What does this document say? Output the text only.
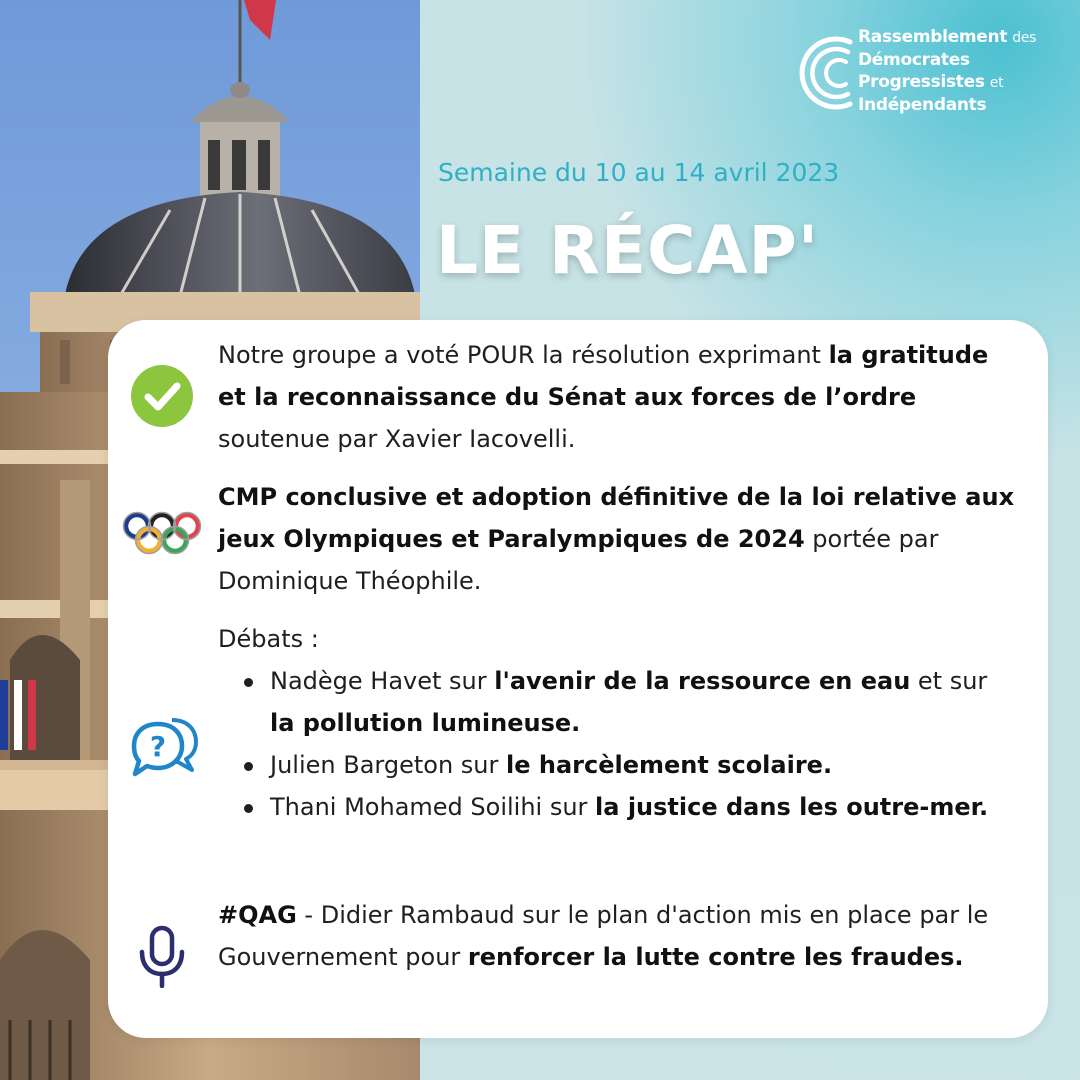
Rassemblement des
Démocrates
Progressistes et
Indépendants
Semaine du 10 au 14 avril 2023
LE RÉCAP'
Notre groupe a voté POUR la résolution exprimant la gratitude et la reconnaissance du Sénat aux forces de l’ordre soutenue par Xavier Iacovelli.
CMP conclusive et adoption définitive de la loi relative aux jeux Olympiques et Paralympiques de 2024 portée par Dominique Théophile.
?
Débats :
Nadège Havet sur l'avenir de la ressource en eau et sur la pollution lumineuse.
Julien Bargeton sur le harcèlement scolaire.
Thani Mohamed Soilihi sur la justice dans les outre-mer.
#QAG - Didier Rambaud sur le plan d'action mis en place par le Gouvernement pour renforcer la lutte contre les fraudes.
